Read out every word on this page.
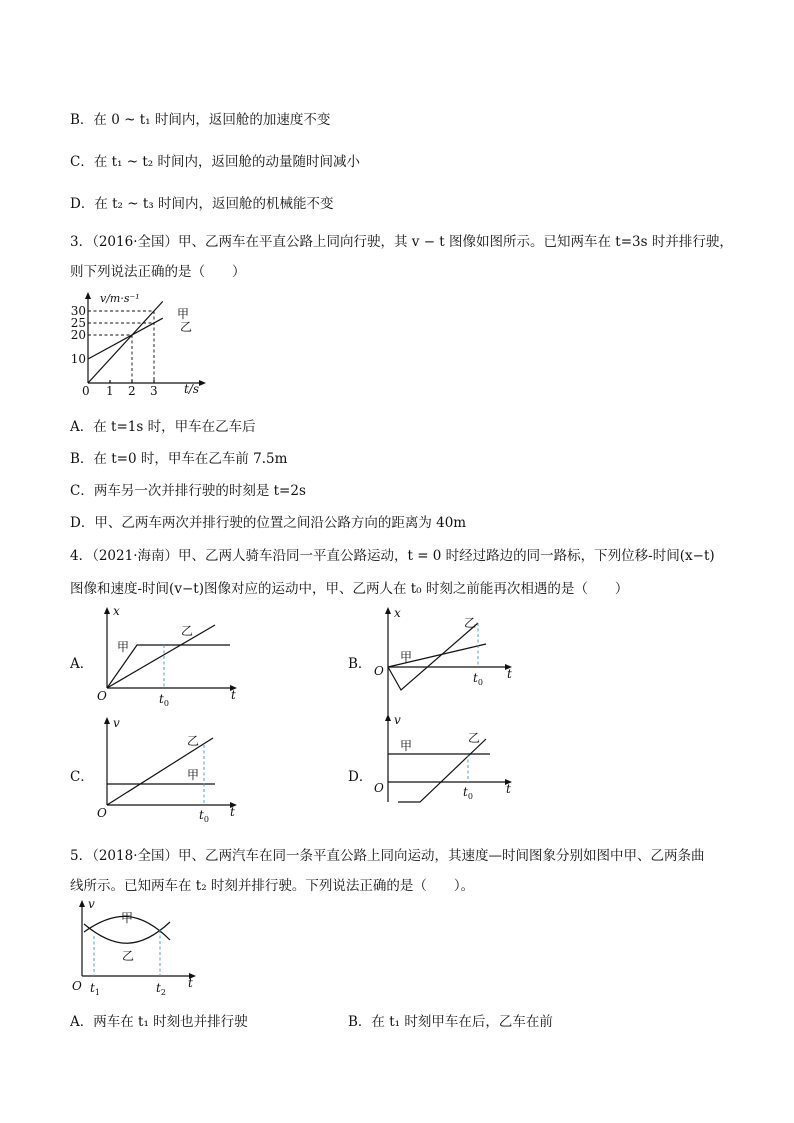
B．在 0 ~ t₁ 时间内，返回舱的加速度不变
C．在 t₁ ~ t₂ 时间内，返回舱的动量随时间减小
D．在 t₂ ~ t₃ 时间内，返回舱的机械能不变
3．（2016·全国）甲、乙两车在平直公路上同向行驶，其 v − t 图像如图所示。已知两车在 t=3s 时并排行驶，
则下列说法正确的是（　　）
1 2 3
10
20
25
30
v/m·s⁻¹
t/s
0
甲
乙
A．在 t=1s 时，甲车在乙车后
B．在 t=0 时，甲车在乙车前 7.5m
C．两车另一次并排行驶的时刻是 t=2s
D．甲、乙两车两次并排行驶的位置之间沿公路方向的距离为 40m
4．（2021·海南）甲、乙两人骑车沿同一平直公路运动，t = 0 时经过路边的同一路标，下列位移-时间(x−t)
图像和速度-时间(v−t)图像对应的运动中，甲、乙两人在 t₀ 时刻之前能再次相遇的是（　　）
A．
x
甲
乙
O	t
$t_0$
B．
x
甲
乙
O	t
$t_0$
C．
v
甲
乙
O	t
$t_0$
D．
v
甲
乙
O	t
$t_0$
5．（2018·全国）甲、乙两汽车在同一条平直公路上同向运动，其速度—时间图象分别如图中甲、乙两条曲
线所示。已知两车在 t₂ 时刻并排行驶。下列说法正确的是（　　）。
v
甲
乙
O	t
$t_1$	$t_2$
A．两车在 t₁ 时刻也并排行驶	B．在 t₁ 时刻甲车在后，乙车在前
